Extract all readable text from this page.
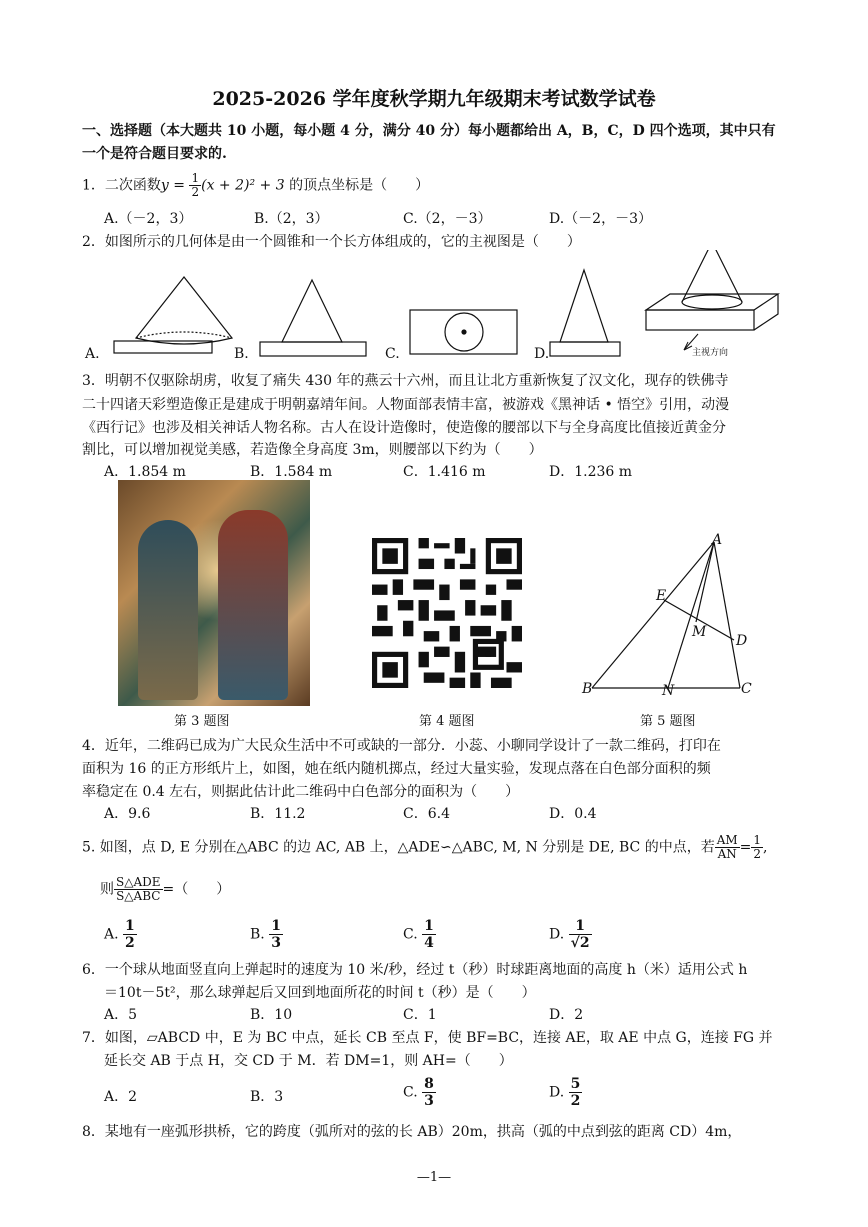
2025-2026 学年度秋学期九年级期末考试数学试卷
一、选择题（本大题共 10 小题，每小题 4 分，满分 40 分）每小题都给出 A，B，C，D 四个选项，其中只有一个是符合题目要求的.
1．二次函数$y = \frac{1}{2} (x + 2)^2 + 3$ 的顶点坐标是（　　）
A.（－2，3）	B.（2，3）	C.（2，－3）	D.（－2，－3）
2．如图所示的几何体是由一个圆锥和一个长方体组成的，它的主视图是（　　）
A.	B.	C.	D.	主视方向
3．明朝不仅驱除胡虏，收复了痛失 430 年的燕云十六州，而且让北方重新恢复了汉文化，现存的铁佛寺
二十四诸天彩塑造像正是建成于明朝嘉靖年间。人物面部表情丰富，被游戏《黑神话 • 悟空》引用，动漫
《西行记》也涉及相关神话人物名称。古人在设计造像时，使造像的腰部以下与全身高度比值接近黄金分
割比，可以增加视觉美感，若造像全身高度 3m，则腰部以下约为（　　）
A．1.854 m	B．1.584 m	C．1.416 m	D．1.236 m
A
E
M
D
B	N	C
第 3 题图	第 4 题图	第 5 题图
4．近年，二维码已成为广大民众生活中不可或缺的一部分．小蕊、小聊同学设计了一款二维码，打印在
面积为 16 的正方形纸片上，如图，她在纸内随机掷点，经过大量实验，发现点落在白色部分面积的频
率稳定在 0.4 左右，则据此估计此二维码中白色部分的面积为（　　）
A．9.6	B．11.2	C．6.4	D．0.4
5. 如图，点 D, E 分别在△ABC 的边 AC, AB 上，△ADE∽△ABC, M, N 分别是 DE, BC 的中点，若 $\frac{AM}{AN} = \frac{1}{2}$ ,
则 $\frac{\text{S△ADE}}{\text{S△ABC}}$ =（　　）
A. $\frac{1}{2}$	B. $\frac{1}{3}$	C. $\frac{1}{4}$	D. $\frac{1}{√2}$
6．一个球从地面竖直向上弹起时的速度为 10 米/秒，经过 t（秒）时球距离地面的高度 h（米）适用公式 h
＝10t－5t²，那么球弹起后又回到地面所花的时间 t（秒）是（　　）
A．5	B．10	C．1	D．2
7．如图，▱ABCD 中，E 为 BC 中点，延长 CB 至点 F，使 BF=BC，连接 AE，取 AE 中点 G，连接 FG 并
延长交 AB 于点 H，交 CD 于 M．若 DM=1，则 AH=（　　）
A．2	B．3	C. $\frac{8}{3}$	D. $\frac{5}{2}$
8．某地有一座弧形拱桥，它的跨度（弧所对的弦的长 AB）20m，拱高（弧的中点到弦的距离 CD）4m，
—1—
